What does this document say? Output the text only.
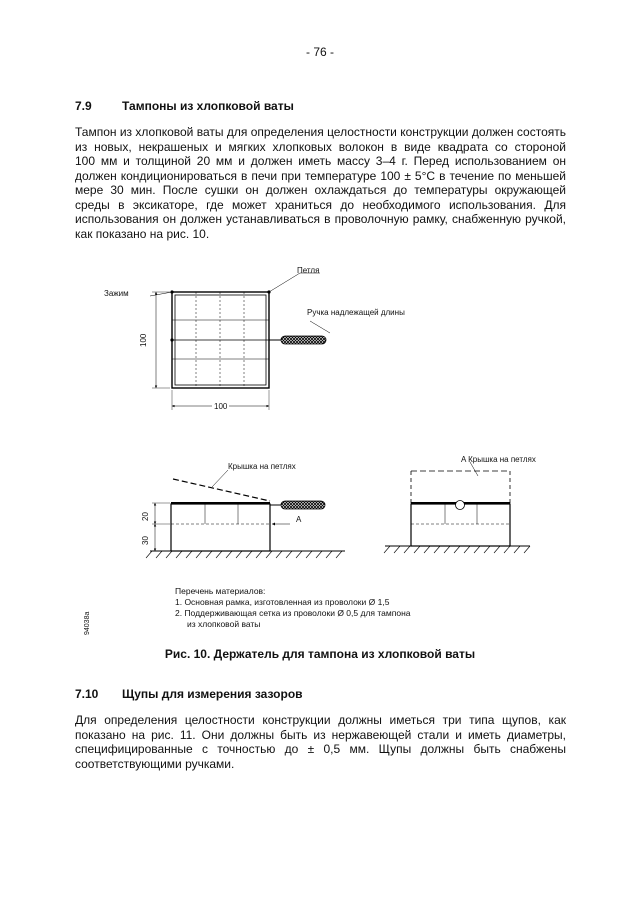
- 76 -
7.9	Тампоны из хлопковой ваты
Тампон из хлопковой ваты для определения целостности конструкции должен состоять
из новых, некрашеных и мягких хлопковых волокон в виде квадрата со стороной
100 мм и толщиной 20 мм и должен иметь массу 3–4 г. Перед использованием он
должен кондиционироваться в печи при температуре 100 ± 5°C в течение по меньшей
мере 30 мин. После сушки он должен охлаждаться до температуры окружающей
среды в эксикаторе, где может храниться до необходимого использования. Для
использования он должен устанавливаться в проволочную рамку, снабженную ручкой,
как показано на рис. 10.
Петля
Зажим
Ручка надлежащей длины
100
100
Крышка на петлях
A
20
30
A Крышка на петлях
Перечень материалов:
1. Основная рамка, изготовленная из проволоки Ø 1,5
2. Поддерживающая сетка из проволоки Ø 0,5 для тампона
из хлопковой ваты
94038a
Рис. 10. Держатель для тампона из хлопковой ваты
7.10 Щупы для измерения зазоров
Для определения целостности конструкции должны иметься три типа щупов, как
показано на рис. 11. Они должны быть из нержавеющей стали и иметь диаметры,
специфицированные с точностью до ± 0,5 мм. Щупы должны быть снабжены
соответствующими ручками.
